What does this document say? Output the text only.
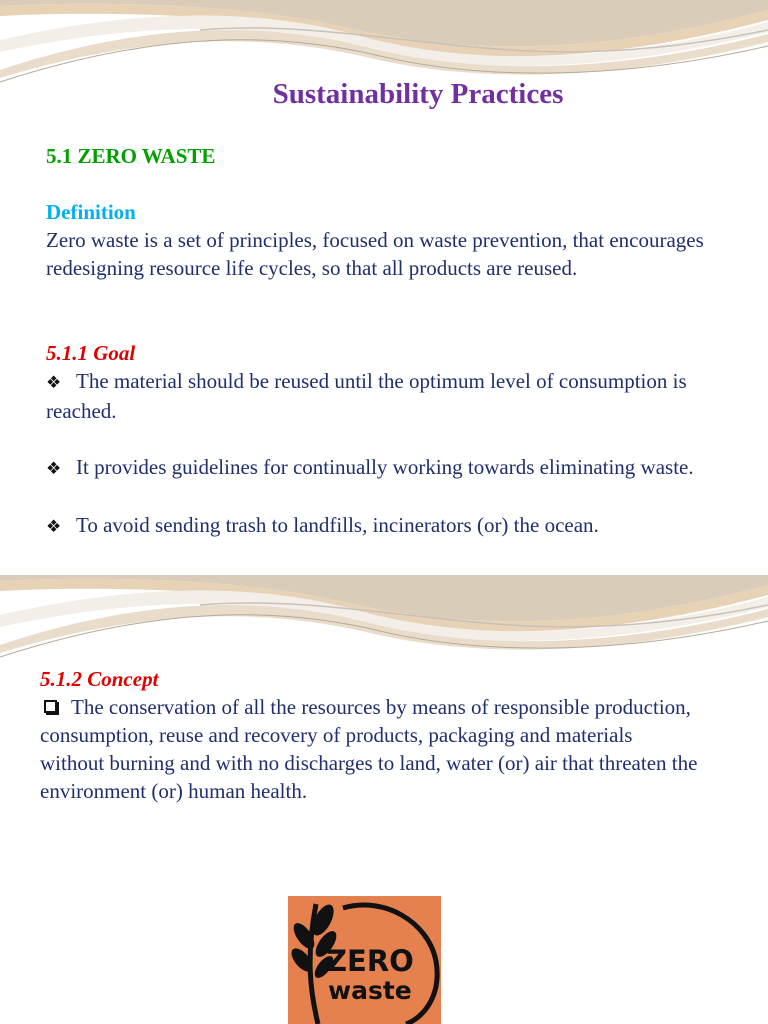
Sustainability Practices
5.1 ZERO WASTE
Definition
Zero waste is a set of principles, focused on waste prevention, that encourages redesigning resource life cycles, so that all products are reused.
5.1.1 Goal
❖ The material should be reused until the optimum level of consumption is reached.
❖ It provides guidelines for continually working towards eliminating waste.
❖ To avoid sending trash to landfills, incinerators (or) the ocean.
5.1.2 Concept
The conservation of all the resources by means of responsible production, consumption, reuse and recovery of products, packaging and materials without burning and with no discharges to land, water (or) air that threaten the environment (or) human health.
ZERO
waste
